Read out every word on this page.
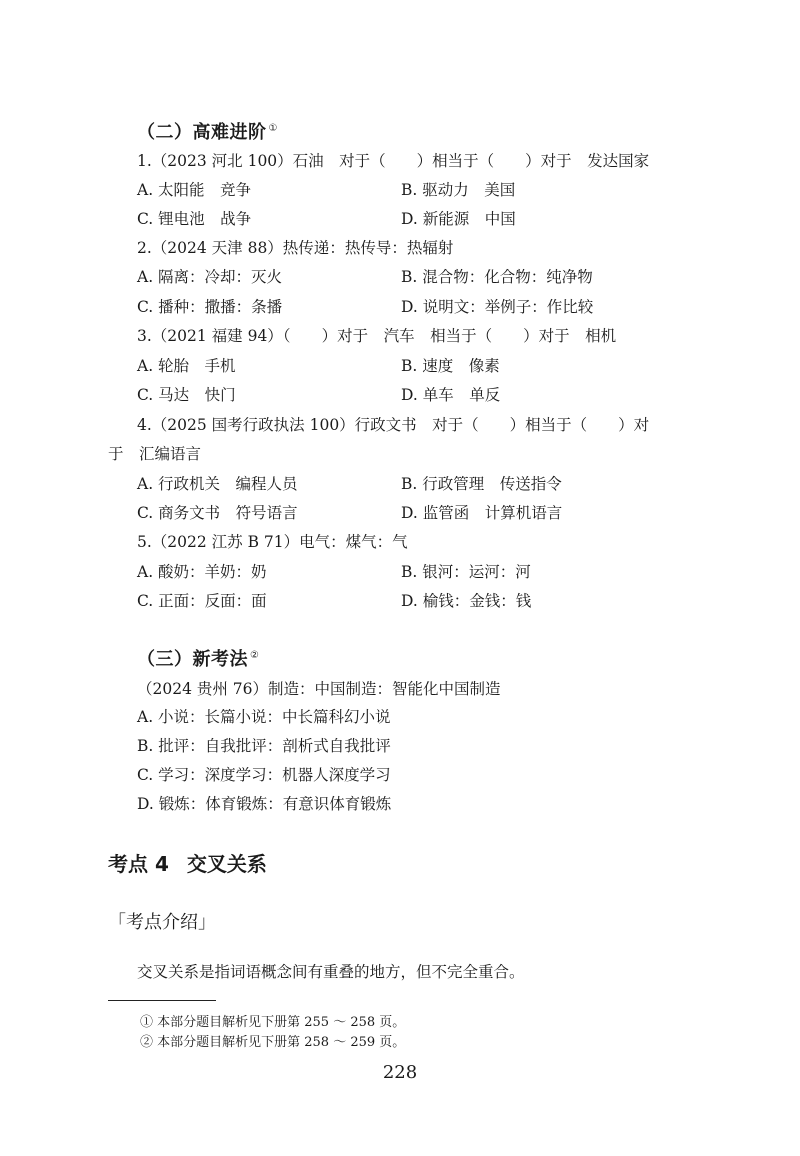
（二）高难进阶 ①
1.（2023 河北 100）石油　对于（　　）相当于（　　）对于　发达国家
A. 太阳能　竞争	B. 驱动力　美国
C. 锂电池　战争	D. 新能源　中国
2.（2024 天津 88）热传递：热传导：热辐射
A. 隔离：冷却：灭火	B. 混合物：化合物：纯净物
C. 播种：撒播：条播	D. 说明文：举例子：作比较
3.（2021 福建 94）（　　）对于　汽车　相当于（　　）对于　相机
A. 轮胎　手机	B. 速度　像素
C. 马达　快门	D. 单车　单反
4.（2025 国考行政执法 100）行政文书　对于（　　）相当于（　　）对
于　汇编语言
A. 行政机关　编程人员	B. 行政管理　传送指令
C. 商务文书　符号语言	D. 监管函　计算机语言
5.（2022 江苏 B 71）电气：煤气：气
A. 酸奶：羊奶：奶	B. 银河：运河：河
C. 正面：反面：面	D. 榆钱：金钱：钱
（三）新考法 ②
（2024 贵州 76）制造：中国制造：智能化中国制造
A. 小说：长篇小说：中长篇科幻小说
B. 批评：自我批评：剖析式自我批评
C. 学习：深度学习：机器人深度学习
D. 锻炼：体育锻炼：有意识体育锻炼
考点 4 交叉关系
「考点介绍」
交叉关系是指词语概念间有重叠的地方，但不完全重合。
① 本部分题目解析见下册第 255 ～ 258 页。
② 本部分题目解析见下册第 258 ～ 259 页。
228
